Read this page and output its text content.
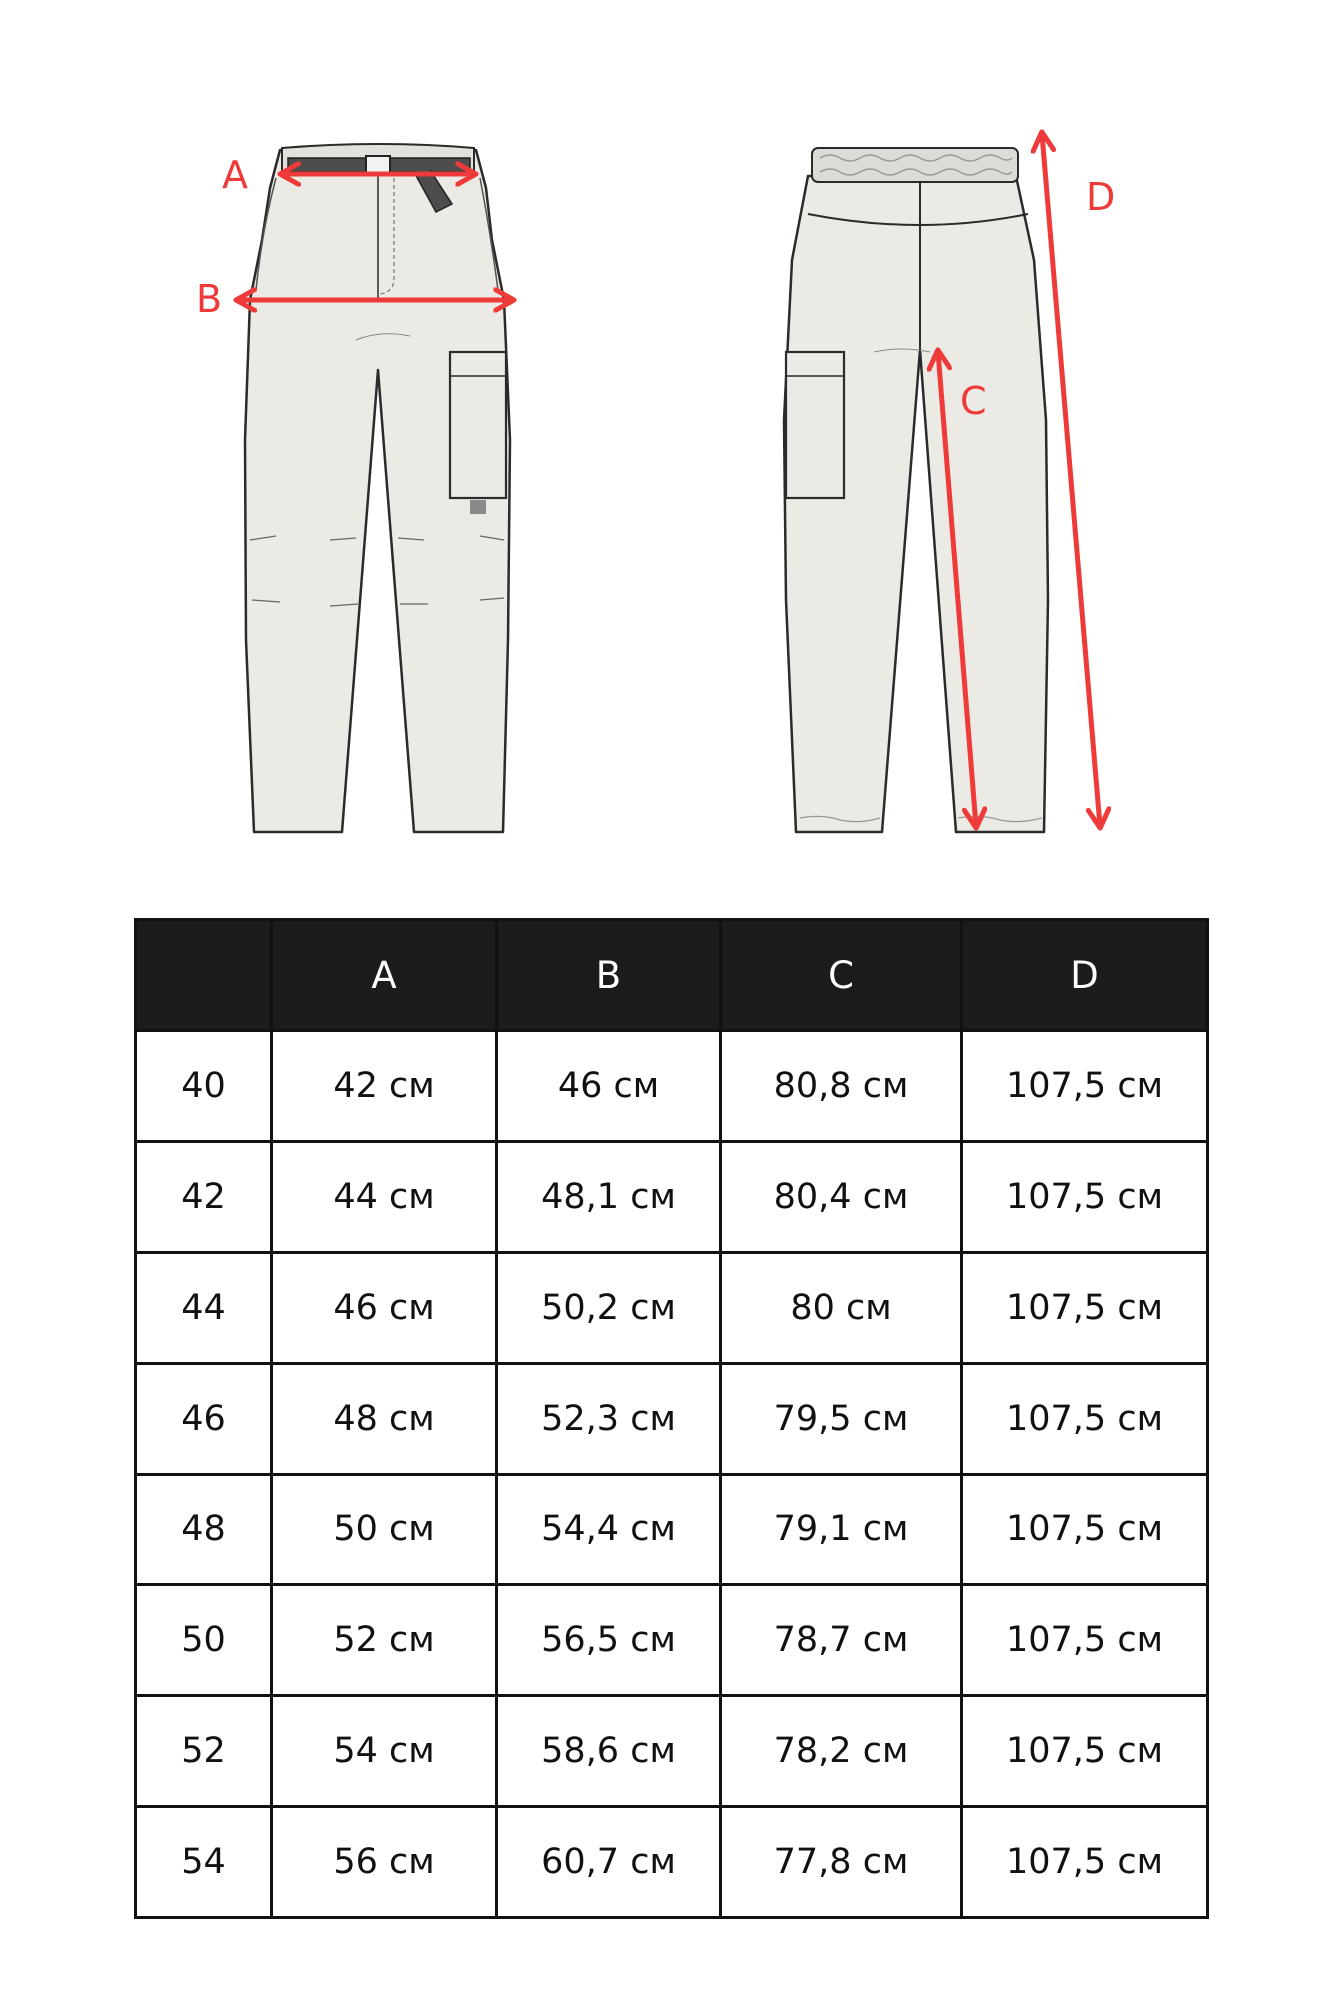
A
B
C
D
	A	B	C	D
40	42 см	46 см	80,8 см	107,5 см
42	44 см	48,1 см	80,4 см	107,5 см
44	46 см	50,2 см	80 см	107,5 см
46	48 см	52,3 см	79,5 см	107,5 см
48	50 см	54,4 см	79,1 см	107,5 см
50	52 см	56,5 см	78,7 см	107,5 см
52	54 см	58,6 см	78,2 см	107,5 см
54	56 см	60,7 см	77,8 см	107,5 см
